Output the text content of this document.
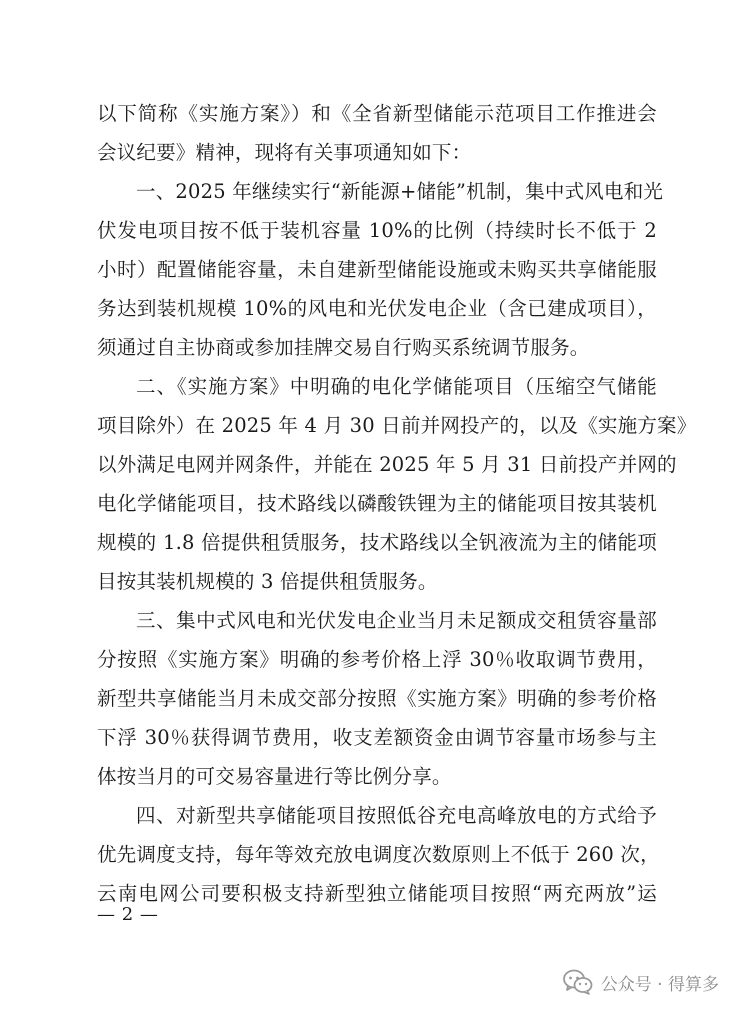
以下简称《实施方案》）和《全省新型储能示范项目工作推进会
会议纪要》精神，现将有关事项通知如下：
一、2025 年继续实行“新能源+储能”机制，集中式风电和光
伏发电项目按不低于装机容量 10%的比例（持续时长不低于 2
小时）配置储能容量，未自建新型储能设施或未购买共享储能服
务达到装机规模 10%的风电和光伏发电企业（含已建成项目），
须通过自主协商或参加挂牌交易自行购买系统调节服务。
二、《实施方案》中明确的电化学储能项目（压缩空气储能
项目除外）在 2025 年 4 月 30 日前并网投产的，以及《实施方案》
以外满足电网并网条件，并能在 2025 年 5 月 31 日前投产并网的
电化学储能项目，技术路线以磷酸铁锂为主的储能项目按其装机
规模的 1.8 倍提供租赁服务，技术路线以全钒液流为主的储能项
目按其装机规模的 3 倍提供租赁服务。
三、集中式风电和光伏发电企业当月未足额成交租赁容量部
分按照《实施方案》明确的参考价格上浮 30％收取调节费用，
新型共享储能当月未成交部分按照《实施方案》明确的参考价格
下浮 30％获得调节费用，收支差额资金由调节容量市场参与主
体按当月的可交易容量进行等比例分享。
四、对新型共享储能项目按照低谷充电高峰放电的方式给予
优先调度支持，每年等效充放电调度次数原则上不低于 260 次，
云南电网公司要积极支持新型独立储能项目按照“两充两放”运
— 2 —
公众号 · 得算多
